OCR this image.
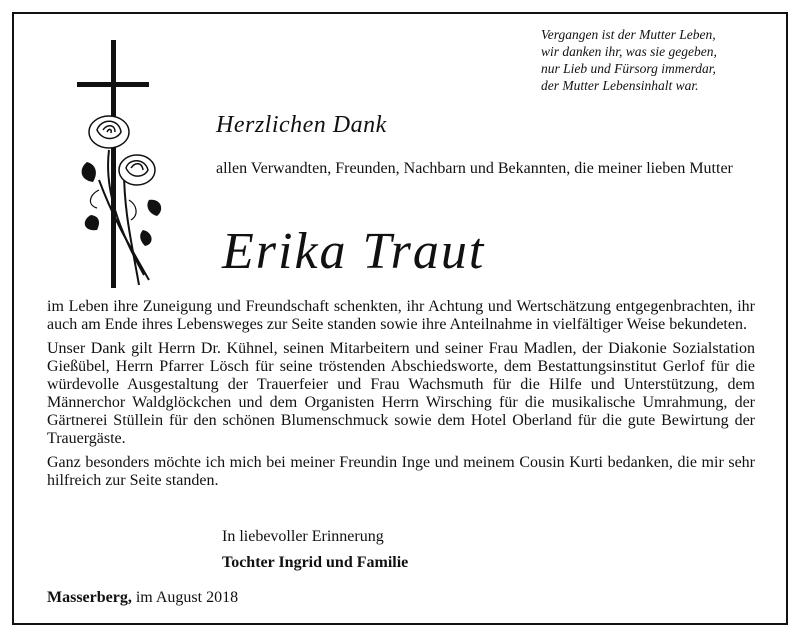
Vergangen ist der Mutter Leben,
wir danken ihr, was sie gegeben,
nur Lieb und Fürsorg immerdar,
der Mutter Lebensinhalt war.
Herzlichen Dank
allen Verwandten, Freunden, Nachbarn und Bekannten, die meiner lieben Mutter
Erika Traut

im Leben ihre Zuneigung und Freundschaft schenkten, ihr Achtung und Wertschätzung entgegenbrachten, ihr auch am Ende ihres Lebensweges zur Seite standen sowie ihre Anteilnahme in vielfältiger Weise bekundeten.

Unser Dank gilt Herrn Dr. Kühnel, seinen Mitarbeitern und seiner Frau Madlen, der Diakonie Sozialstation Gießübel, Herrn Pfarrer Lösch für seine tröstenden Abschiedsworte, dem Bestattungsinstitut Gerlof für die würdevolle Ausgestaltung der Trauerfeier und Frau Wachsmuth für die Hilfe und Unterstützung, dem Männerchor Waldglöckchen und dem Organisten Herrn Wirsching für die musikalische Umrahmung, der Gärtnerei Stüllein für den schönen Blumenschmuck sowie dem Hotel Oberland für die gute Bewirtung der Trauergäste.

Ganz besonders möchte ich mich bei meiner Freundin Inge und meinem Cousin Kurti bedanken, die mir sehr hilfreich zur Seite standen.

In liebevoller Erinnerung
Tochter Ingrid und Familie
Masserberg, im August 2018
